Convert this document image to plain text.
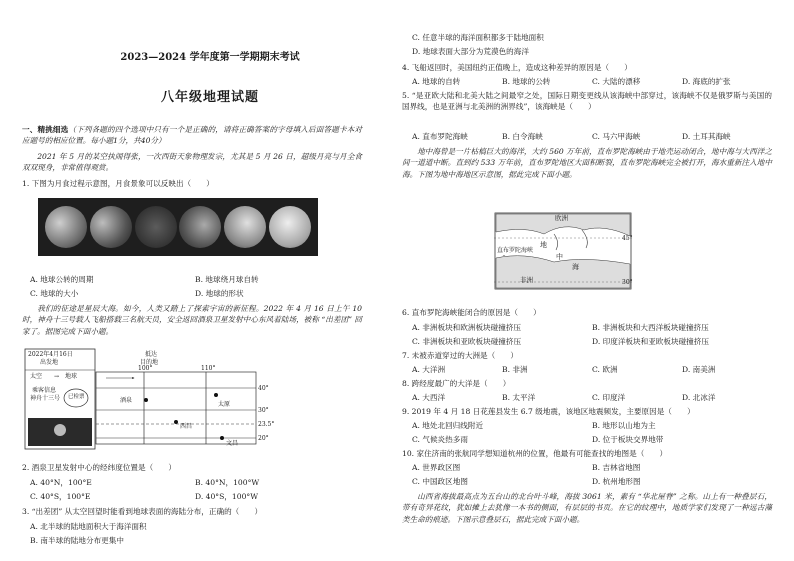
2023—2024 学年度第一学期期末考试
八年级地理试题
一、精挑细选（下列各题的四个选项中只有一个是正确的，请将正确答案的字母填入后面答题卡本对应题号的相应位置。每小题1分，共40分）
2021 年 5 月的某空执闹得张，一次西街天象物理发宗，尤其是 5 月 26 日，超级月亮与月全食双双现身，非常值得观赏。
1. 下图为月食过程示意图，月食景象可以反映出（　　）
A. 地球公转的周期	B. 地球绕月球自转
C. 地球的大小	D. 地球的形状
我们的征途是星辰大海。如今，人类又踏上了探索宇宙的新征程。2022 年 4 月 16 日上午 10 时，神舟十三号载人飞船搭载三名航天员，安全返回酒泉卫星发射中心东风着陆场，被称 “出差团” 回家了。据图完成下面小题。
2022年4月16日
出发地
抵达
目的地
太空 →　地球
乘客信息
神舟十三号 已检票
100°	110°
40°
30°
23.5°
20°
酒泉
太原
西昌
文昌
2. 酒泉卫星发射中心的经纬度位置是（　　）
A. 40°N，100°E	B. 40°N，100°W
C. 40°S，100°E	D. 40°S，100°W
3. “出差团” 从太空回望时能看到地球表面的海陆分布，正确的（　　）
A. 北半球的陆地面积大于海洋面积
B. 南半球的陆地分布更集中
C. 任意半球的海洋面积都多于陆地面积
D. 地球表面大部分为荒漠色的海洋
4. 飞船返回时，美国纽约正值晚上，造成这种差异的原因是（　　）
A. 地球的自转	B. 地球的公转	C. 大陆的漂移	D. 海底的扩张
5. “是亚欧大陆和北美大陆之间最窄之处，国际日期变更线从该海峡中部穿过，该海峡不仅是俄罗斯与美国的国界线，也是亚洲与北美洲的洲界线”，该海峡是（　　）
A. 直布罗陀海峡	B. 白令海峡	C. 马六甲海峡	D. 土耳其海峡
地中海曾是一片枯槁巨大的海洋，大约 560 万年前，直布罗陀海峡由于地壳运动闭合，地中海与大西洋之间一道道中断。直到约 533 万年前，直布罗陀地区大面积断裂，直布罗陀海峡完全被打开，海水重新注入地中海。下图为地中海地区示意图，据此完成下面小题。
欧洲
直布罗陀海峡
地
中
海
非洲
45°
30°
6. 直布罗陀海峡能闭合的原因是（　　）
A. 非洲板块和欧洲板块碰撞挤压	B. 非洲板块和大西洋板块碰撞挤压
C. 非洲板块和亚欧板块碰撞挤压	D. 印度洋板块和亚欧板块碰撞挤压
7. 未被赤道穿过的大洲是（　　）
A. 大洋洲	B. 非洲	C. 欧洲	D. 南美洲
8. 跨经度最广的大洋是（　　）
A. 大西洋	B. 太平洋	C. 印度洋	D. 北冰洋
9. 2019 年 4 月 18 日花莲县发生 6.7 级地震，该地区地震频发，主要原因是（　　）
A. 地处北回归线附近	B. 地形以山地为主
C. 气候炎热多雨	D. 位于板块交界地带
10. 家住济南的张航同学想知道杭州的位置，他最有可能查找的地图是（　　）
A. 世界政区图	B. 吉林省地图
C. 中国政区地图	D. 杭州地形图
山西省海拔最高点为五台山的北台叶斗峰，海拔 3061 米，素有 “华北屋脊” 之称。山上有一种叠层石，带有奇异花纹，犹如摊上去犹像一本书的侧面，有层层的书页。在它的纹理中，地质学家们发现了一种远古藻类生命的痕迹。下图示意叠层石，据此完成下面小题。
